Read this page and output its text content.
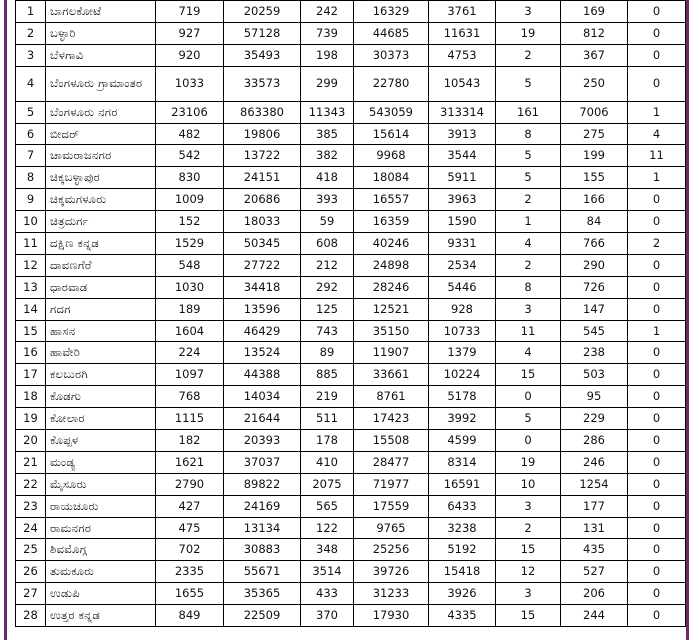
1	ಬಾಗಲಕೋಟೆ	719	20259	242	16329	3761	3	169	0
2	ಬಳ್ಳಾರಿ	927	57128	739	44685	11631	19	812	0
3	ಬೆಳಗಾವಿ	920	35493	198	30373	4753	2	367	0
4	ಬೆಂಗಳೂರು ಗ್ರಾಮಾಂತರ	1033	33573	299	22780	10543	5	250	0
5	ಬೆಂಗಳೂರು ನಗರ	23106	863380	11343	543059	313314	161	7006	1
6	ಬೀದರ್	482	19806	385	15614	3913	8	275	4
7	ಚಾಮರಾಜನಗರ	542	13722	382	9968	3544	5	199	11
8	ಚಿಕ್ಕಬಳ್ಳಾಪುರ	830	24151	418	18084	5911	5	155	1
9	ಚಿಕ್ಕಮಗಳೂರು	1009	20686	393	16557	3963	2	166	0
10	ಚಿತ್ರದುರ್ಗ	152	18033	59	16359	1590	1	84	0
11	ದಕ್ಷಿಣ ಕನ್ನಡ	1529	50345	608	40246	9331	4	766	2
12	ದಾವಣಗೆರೆ	548	27722	212	24898	2534	2	290	0
13	ಧಾರವಾಡ	1030	34418	292	28246	5446	8	726	0
14	ಗದಗ	189	13596	125	12521	928	3	147	0
15	ಹಾಸನ	1604	46429	743	35150	10733	11	545	1
16	ಹಾವೇರಿ	224	13524	89	11907	1379	4	238	0
17	ಕಲಬುರಗಿ	1097	44388	885	33661	10224	15	503	0
18	ಕೊಡಗು	768	14034	219	8761	5178	0	95	0
19	ಕೋಲಾರ	1115	21644	511	17423	3992	5	229	0
20	ಕೊಪ್ಪಳ	182	20393	178	15508	4599	0	286	0
21	ಮಂಡ್ಯ	1621	37037	410	28477	8314	19	246	0
22	ಮೈಸೂರು	2790	89822	2075	71977	16591	10	1254	0
23	ರಾಯಚೂರು	427	24169	565	17559	6433	3	177	0
24	ರಾಮನಗರ	475	13134	122	9765	3238	2	131	0
25	ಶಿವಮೊಗ್ಗ	702	30883	348	25256	5192	15	435	0
26	ತುಮಕೂರು	2335	55671	3514	39726	15418	12	527	0
27	ಉಡುಪಿ	1655	35365	433	31233	3926	3	206	0
28	ಉತ್ತರ ಕನ್ನಡ	849	22509	370	17930	4335	15	244	0
